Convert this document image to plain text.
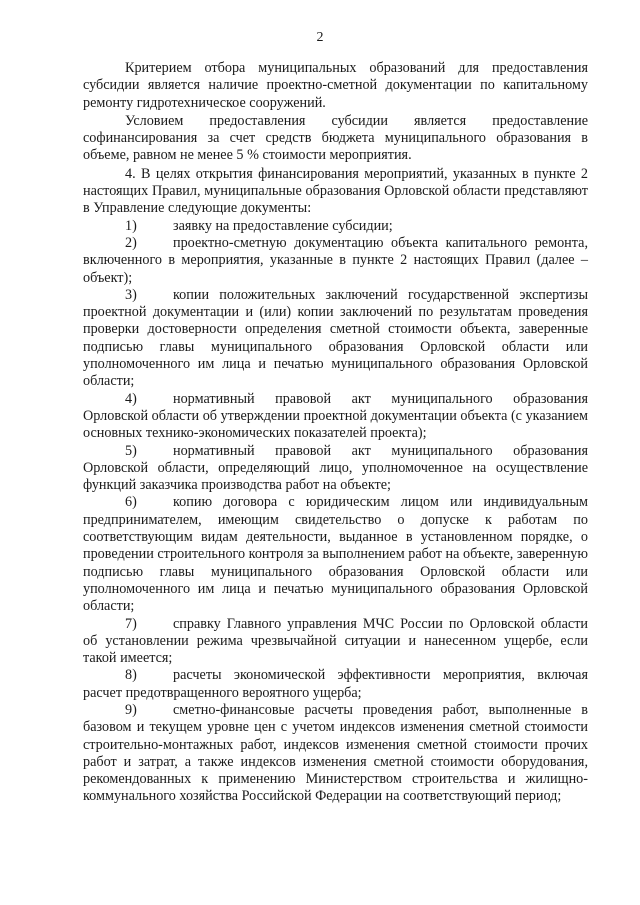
2

Критерием отбора муниципальных образований для предоставления субсидии является наличие проектно-сметной документации по капитальному ремонту гидротехническое сооружений.

Условием предоставления субсидии является предоставление софинансирования за счет средств бюджета муниципального образования в объеме, равном не менее 5 % стоимости мероприятия.

4. В целях открытия финансирования мероприятий, указанных в пункте 2 настоящих Правил, муниципальные образования Орловской области представляют в Управление следующие документы:

1)	заявку на предоставление субсидии;

2)	проектно-сметную документацию объекта капитального ремонта, включенного в мероприятия, указанные в пункте 2 настоящих Правил (далее – объект);

3)	копии положительных заключений государственной экспертизы проектной документации и (или) копии заключений по результатам проведения проверки достоверности определения сметной стоимости объекта, заверенные подписью главы муниципального образования Орловской области или уполномоченного им лица и печатью муниципального образования Орловской области;

4)	нормативный правовой акт муниципального образования Орловской области об утверждении проектной документации объекта (с указанием основных технико-экономических показателей проекта);

5)	нормативный правовой акт муниципального образования Орловской области, определяющий лицо, уполномоченное на осуществление функций заказчика производства работ на объекте;

6)	копию договора с юридическим лицом или индивидуальным предпринимателем, имеющим свидетельство о допуске к работам по соответствующим видам деятельности, выданное в установленном порядке, о проведении строительного контроля за выполнением работ на объекте, заверенную подписью главы муниципального образования Орловской области или уполномоченного им лица и печатью муниципального образования Орловской области;

7)	справку Главного управления МЧС России по Орловской области об установлении режима чрезвычайной ситуации и нанесенном ущербе, если такой имеется;

8)	расчеты экономической эффективности мероприятия, включая расчет предотвращенного вероятного ущерба;

9)	сметно-финансовые расчеты проведения работ, выполненные в базовом и текущем уровне цен с учетом индексов изменения сметной стоимости строительно-монтажных работ, индексов изменения сметной стоимости прочих работ и затрат, а также индексов изменения сметной стоимости оборудования, рекомендованных к применению Министерством строительства и жилищно-коммунального хозяйства Российской Федерации на соответствующий период;
